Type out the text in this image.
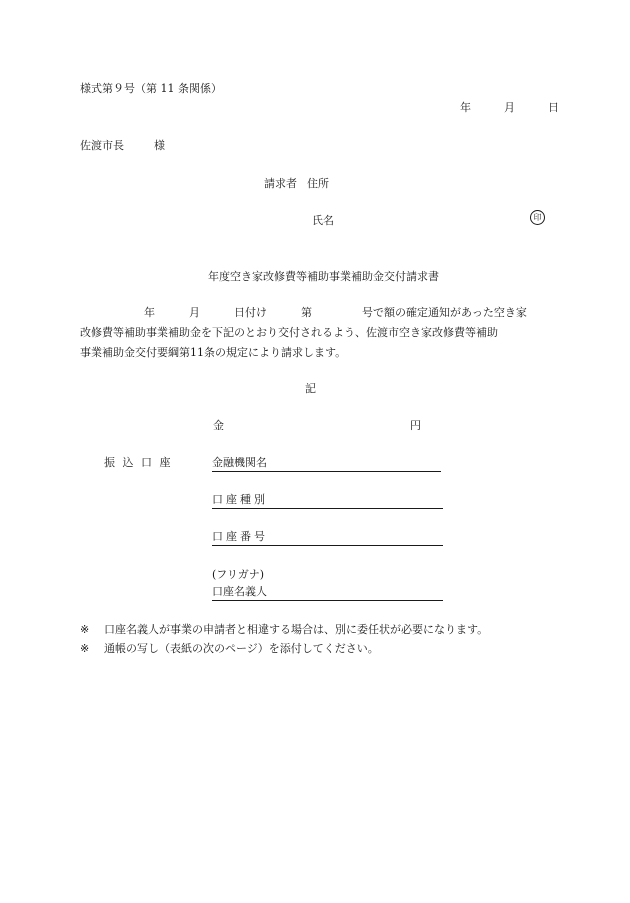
様式第９号（第 11 条関係）
年	月	日
佐渡市長	様
請求者 住所
氏名	印
年度空き家改修費等補助事業補助金交付請求書
年	月	日付け	第	号で額の確定通知があった空き家
改修費等補助事業補助金を下記のとおり交付されるよう、佐渡市空き家改修費等補助
事業補助金交付要綱第11条の規定により請求します。
記
金	円
振 込 口 座	金融機関名
口座種別
口座番号
(フリガナ)
口座名義人
※ 口座名義人が事業の申請者と相違する場合は、別に委任状が必要になります。
※ 通帳の写し（表紙の次のページ）を添付してください。
